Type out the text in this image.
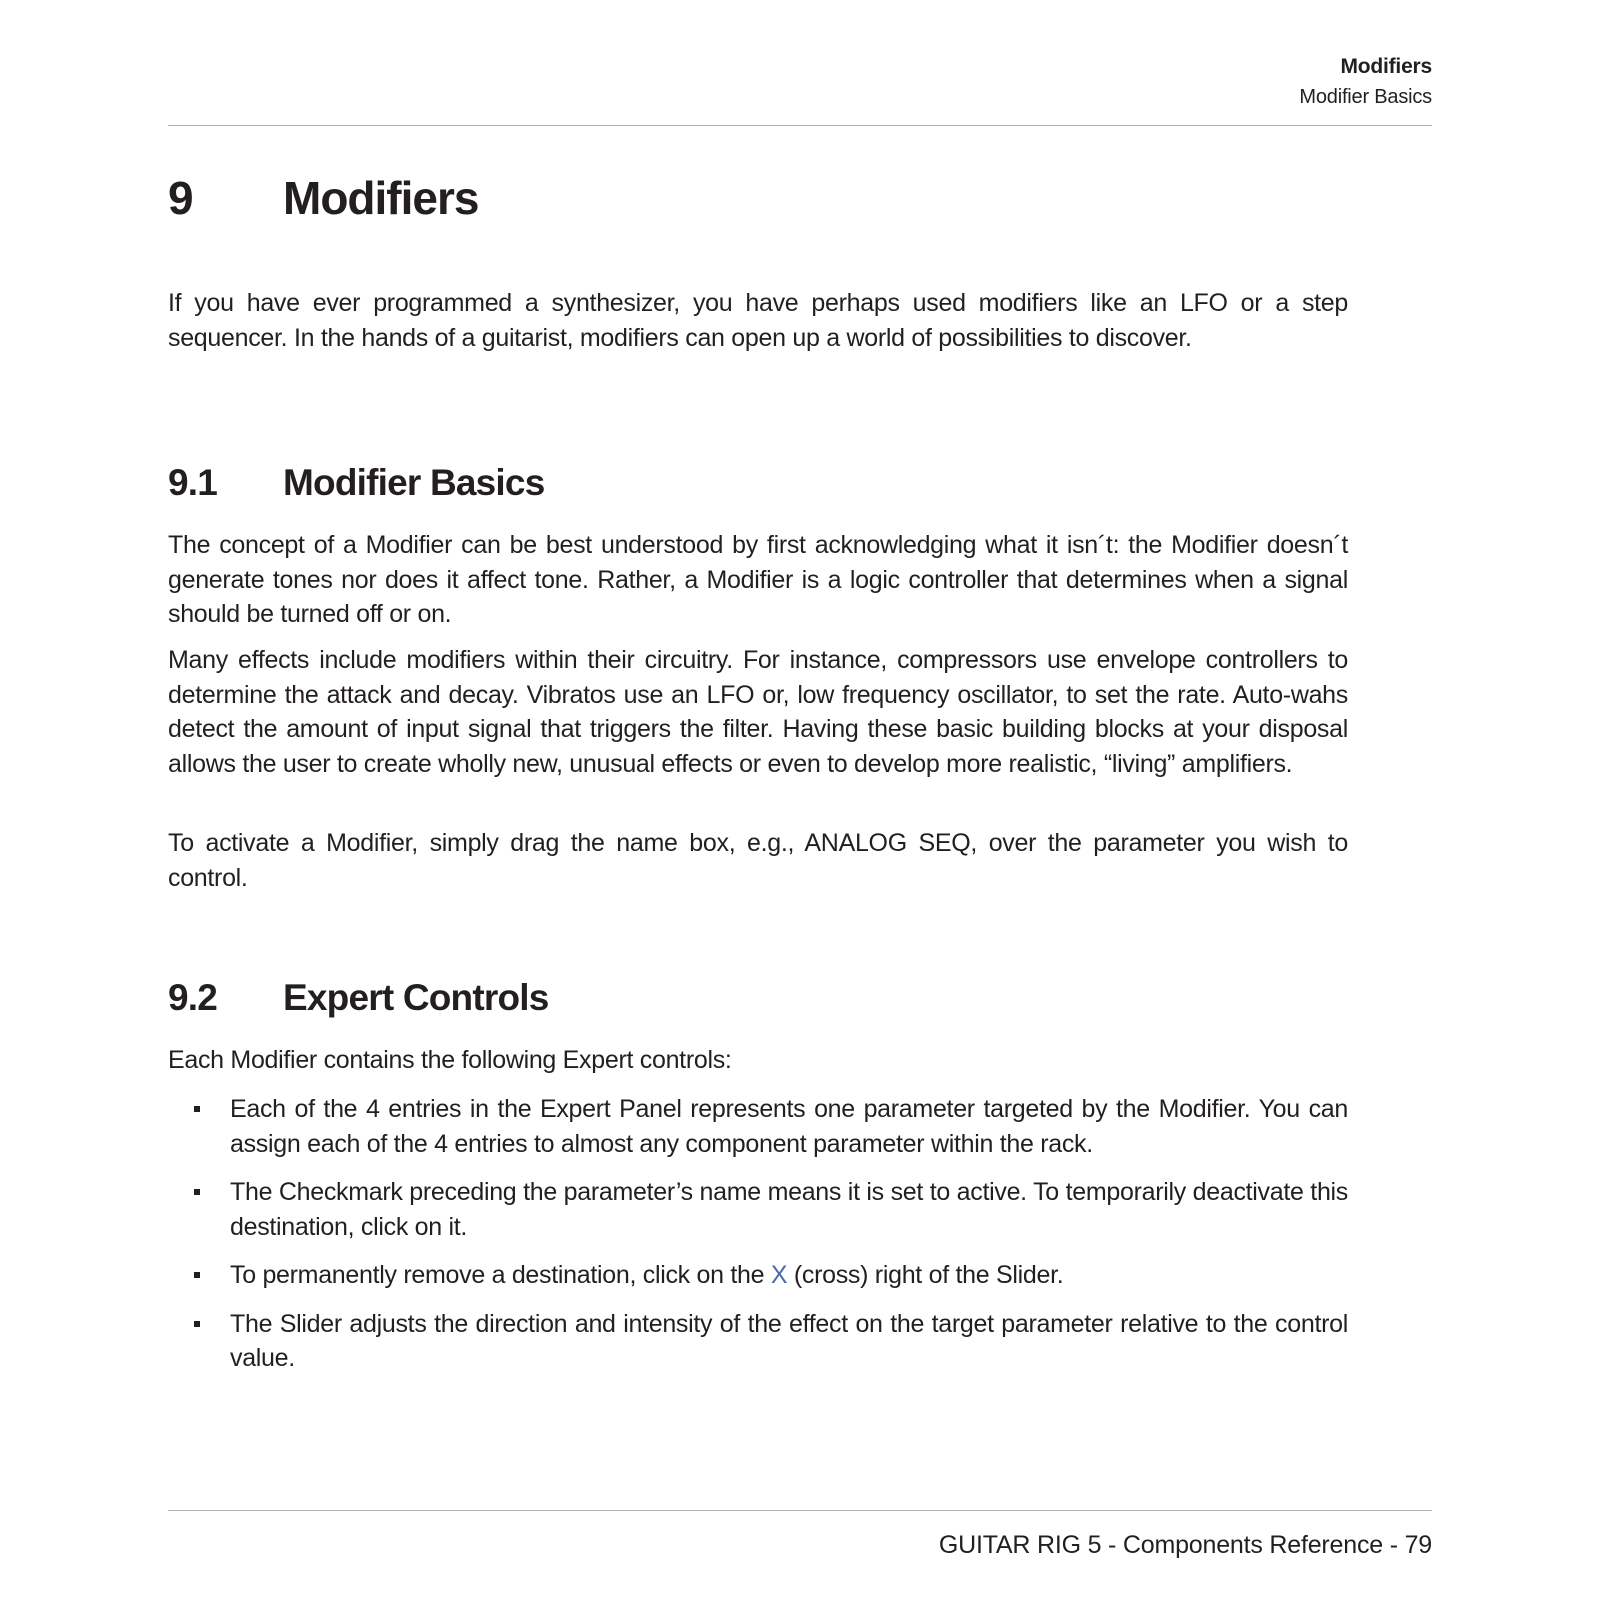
Modifiers
Modifier Basics
9 Modifiers

If you have ever programmed a synthesizer, you have perhaps used modifiers like an LFO or a step sequencer. In the hands of a guitarist, modifiers can open up a world of possibilities to discover.

9.1 Modifier Basics

The concept of a Modifier can be best understood by first acknowledging what it isn´t: the Modifier doesn´t generate tones nor does it affect tone. Rather, a Modifier is a logic controller that determines when a signal should be turned off or on.

Many effects include modifiers within their circuitry. For instance, compressors use envelope controllers to determine the attack and decay. Vibratos use an LFO or, low frequency oscillator, to set the rate. Auto-wahs detect the amount of input signal that triggers the filter. Having these basic building blocks at your disposal allows the user to create wholly new, unusual effects or even to develop more realistic, “living” amplifiers.

To activate a Modifier, simply drag the name box, e.g., ANALOG SEQ, over the parameter you wish to control.

9.2 Expert Controls

Each Modifier contains the following Expert controls:

Each of the 4 entries in the Expert Panel represents one parameter targeted by the Modifier. You can assign each of the 4 entries to almost any component parameter within the rack.
The Checkmark preceding the parameter’s name means it is set to active. To temporarily deactivate this destination, click on it.
To permanently remove a destination, click on the X (cross) right of the Slider.
The Slider adjusts the direction and intensity of the effect on the target parameter relative to the control value.
GUITAR RIG 5 - Components Reference - 79
